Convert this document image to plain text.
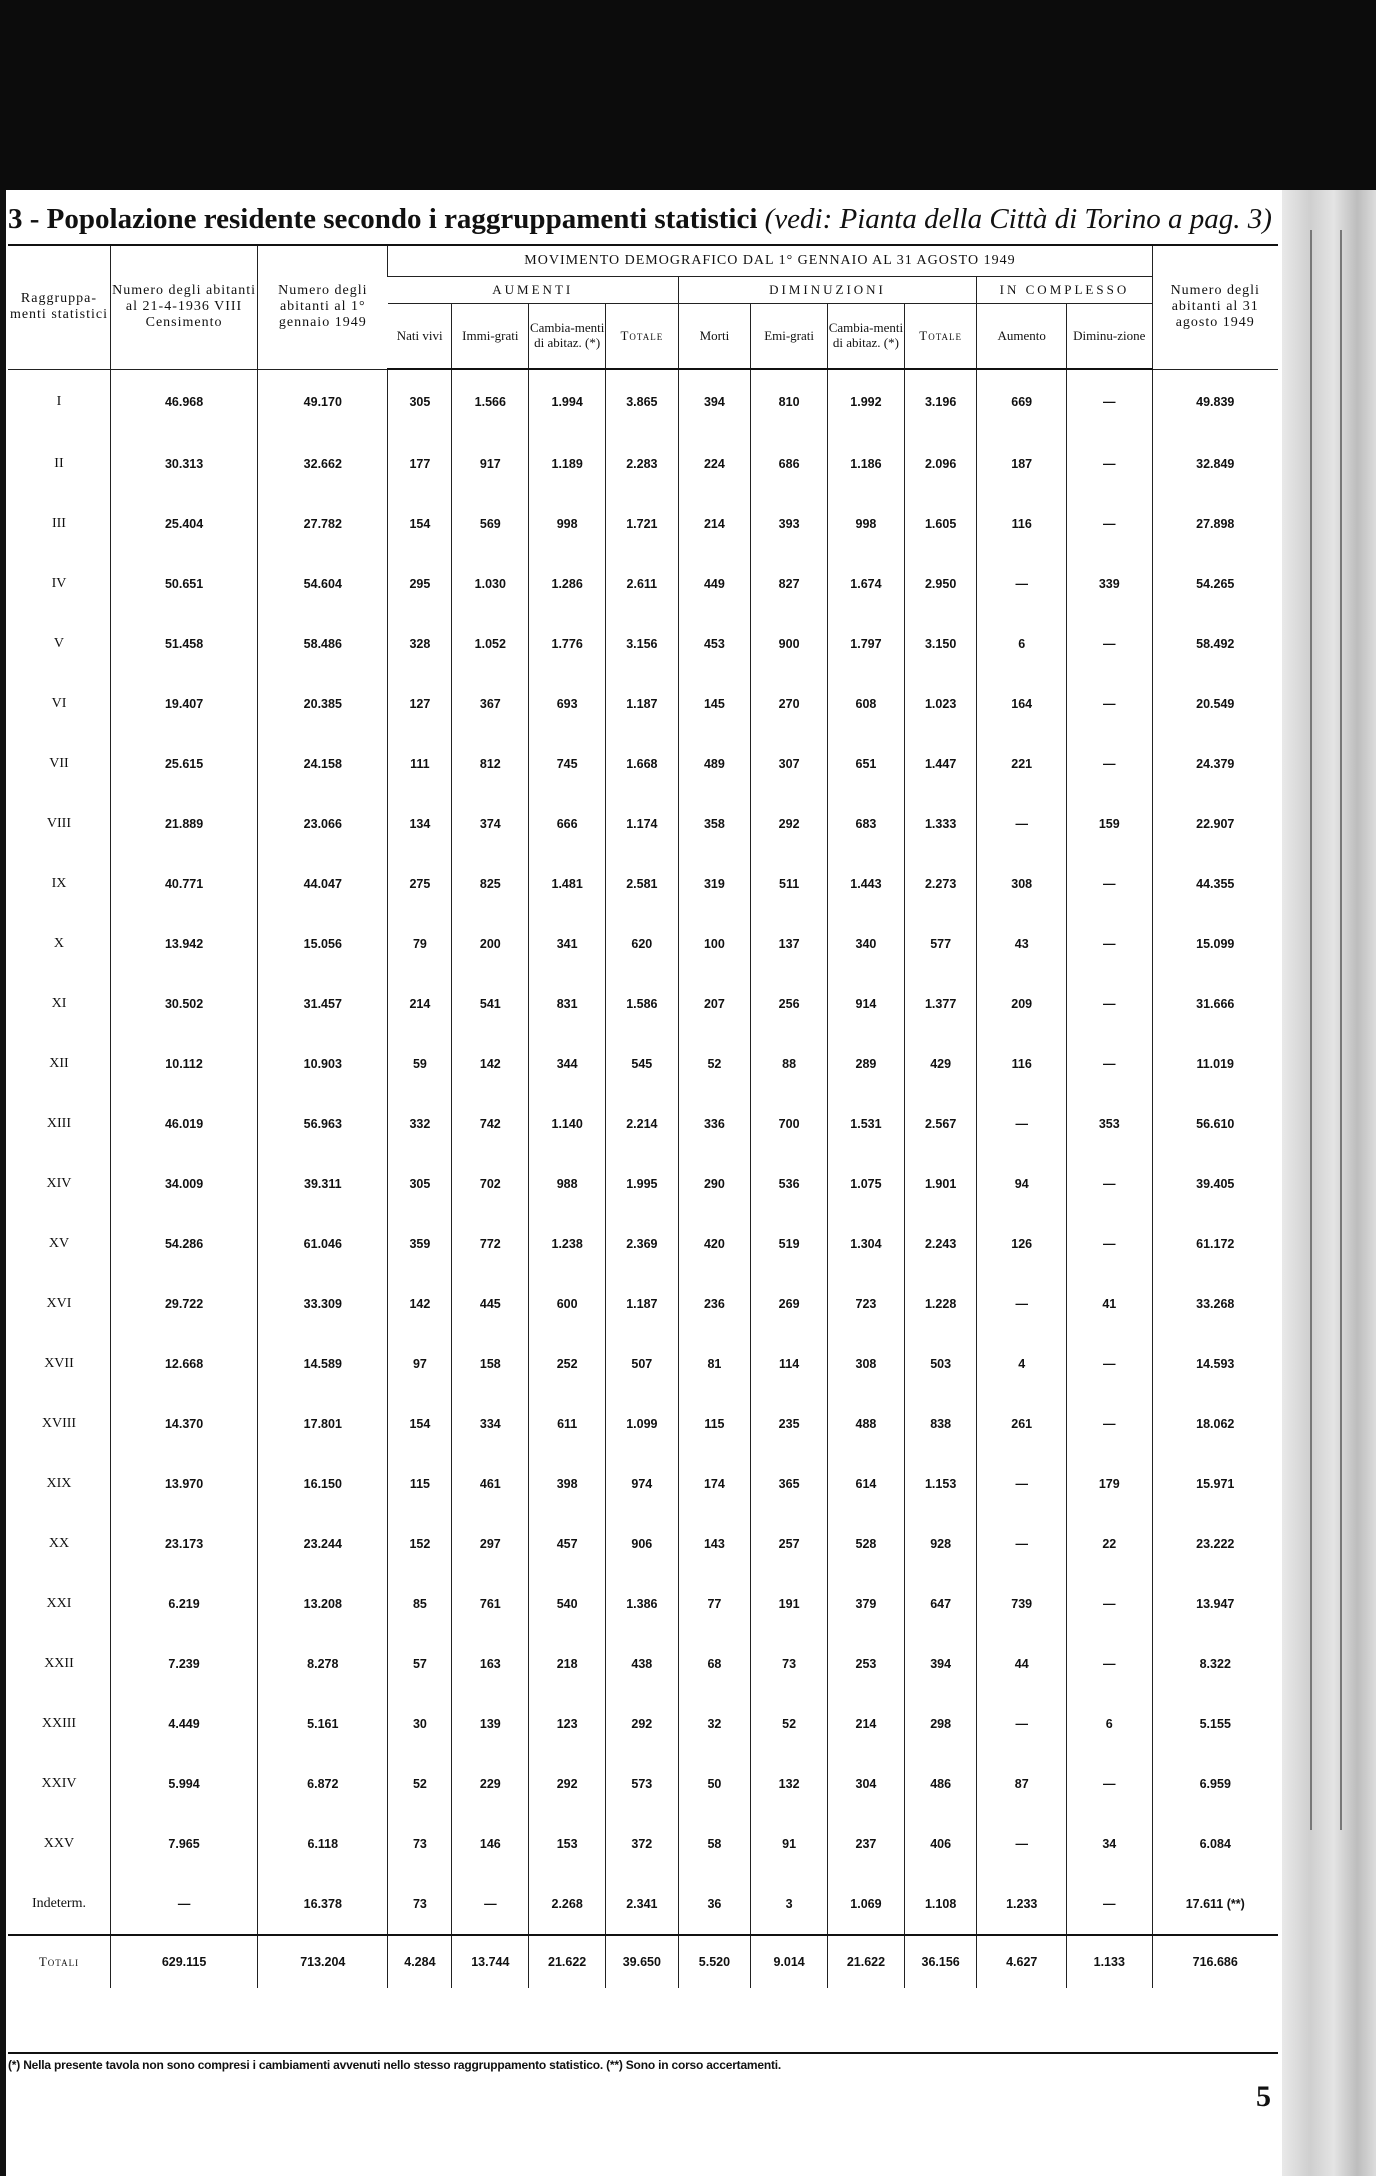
3 - Popolazione residente secondo i raggruppamenti statistici (vedi: Pianta della Città di Torino a pag. 3)
Raggruppa-menti statistici	Numero degli abitanti al 21-4-1936 VIII Censimento	Numero degli abitanti al 1° gennaio 1949	MOVIMENTO DEMOGRAFICO DAL 1° GENNAIO AL 31 AGOSTO 1949										Numero degli abitanti al 31 agosto 1949
			AUMENTI				DIMINUZIONI				IN COMPLESSO		
			Nati vivi	Immi-grati	Cambia-menti di abitaz. (*)	Totale	Morti	Emi-grati	Cambia-menti di abitaz. (*)	Totale	Aumento	Diminu-zione	
I	46.968	49.170	305	1.566	1.994	3.865	394	810	1.992	3.196	669	—	49.839
II	30.313	32.662	177	917	1.189	2.283	224	686	1.186	2.096	187	—	32.849
III	25.404	27.782	154	569	998	1.721	214	393	998	1.605	116	—	27.898
IV	50.651	54.604	295	1.030	1.286	2.611	449	827	1.674	2.950	—	339	54.265
V	51.458	58.486	328	1.052	1.776	3.156	453	900	1.797	3.150	6	—	58.492
VI	19.407	20.385	127	367	693	1.187	145	270	608	1.023	164	—	20.549
VII	25.615	24.158	111	812	745	1.668	489	307	651	1.447	221	—	24.379
VIII	21.889	23.066	134	374	666	1.174	358	292	683	1.333	—	159	22.907
IX	40.771	44.047	275	825	1.481	2.581	319	511	1.443	2.273	308	—	44.355
X	13.942	15.056	79	200	341	620	100	137	340	577	43	—	15.099
XI	30.502	31.457	214	541	831	1.586	207	256	914	1.377	209	—	31.666
XII	10.112	10.903	59	142	344	545	52	88	289	429	116	—	11.019
XIII	46.019	56.963	332	742	1.140	2.214	336	700	1.531	2.567	—	353	56.610
XIV	34.009	39.311	305	702	988	1.995	290	536	1.075	1.901	94	—	39.405
XV	54.286	61.046	359	772	1.238	2.369	420	519	1.304	2.243	126	—	61.172
XVI	29.722	33.309	142	445	600	1.187	236	269	723	1.228	—	41	33.268
XVII	12.668	14.589	97	158	252	507	81	114	308	503	4	—	14.593
XVIII	14.370	17.801	154	334	611	1.099	115	235	488	838	261	—	18.062
XIX	13.970	16.150	115	461	398	974	174	365	614	1.153	—	179	15.971
XX	23.173	23.244	152	297	457	906	143	257	528	928	—	22	23.222
XXI	6.219	13.208	85	761	540	1.386	77	191	379	647	739	—	13.947
XXII	7.239	8.278	57	163	218	438	68	73	253	394	44	—	8.322
XXIII	4.449	5.161	30	139	123	292	32	52	214	298	—	6	5.155
XXIV	5.994	6.872	52	229	292	573	50	132	304	486	87	—	6.959
XXV	7.965	6.118	73	146	153	372	58	91	237	406	—	34	6.084
Indeterm.	—	16.378	73	—	2.268	2.341	36	3	1.069	1.108	1.233	—	17.611 (**)
Totali	629.115	713.204	4.284	13.744	21.622	39.650	5.520	9.014	21.622	36.156	4.627	1.133	716.686
(*) Nella presente tavola non sono compresi i cambiamenti avvenuti nello stesso raggruppamento statistico. (**) Sono in corso accertamenti.
5
